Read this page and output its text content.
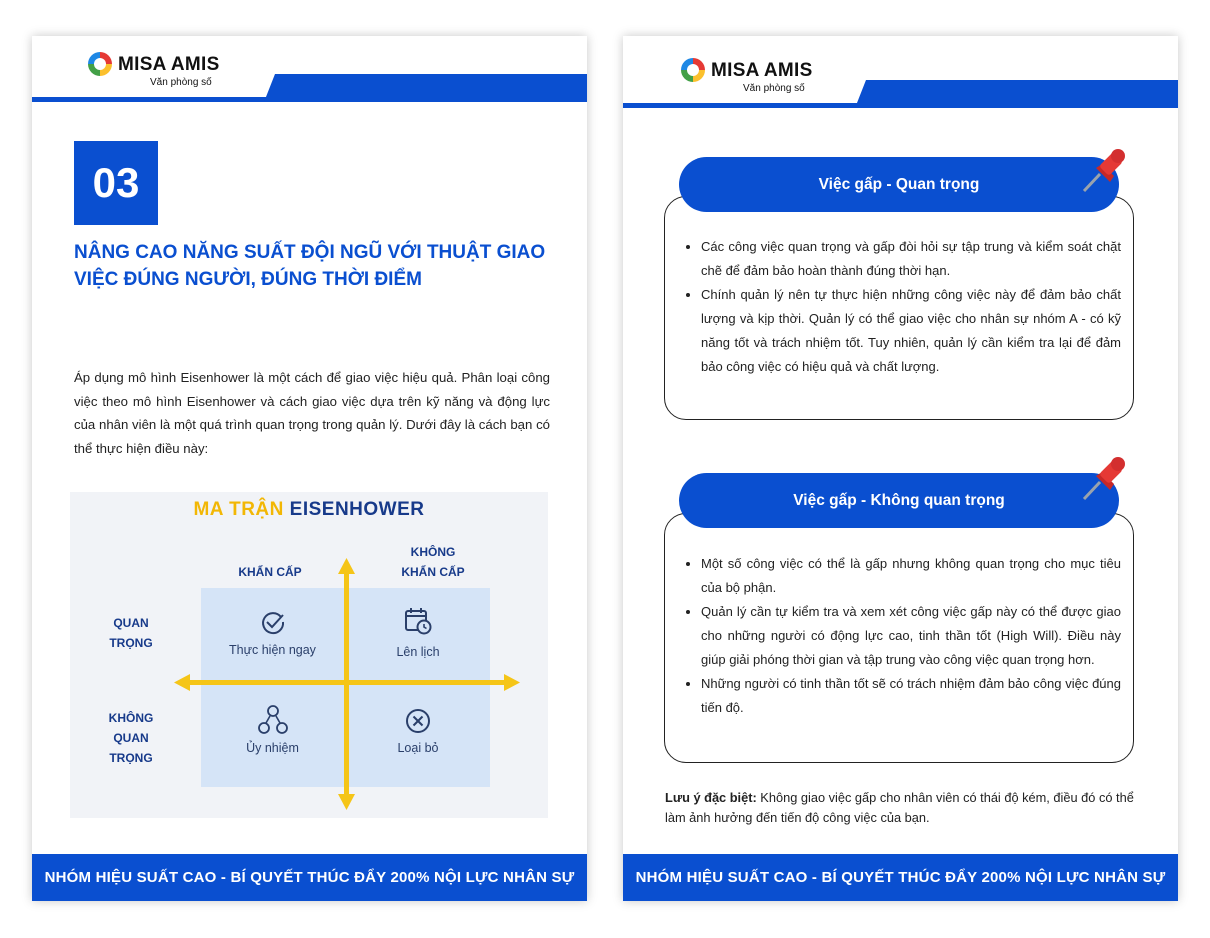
MISA AMIS
Văn phòng số
03
NÂNG CAO NĂNG SUẤT ĐỘI NGŨ VỚI THUẬT GIAO VIỆC ĐÚNG NGƯỜI, ĐÚNG THỜI ĐIỂM
Áp dụng mô hình Eisenhower là một cách để giao việc hiệu quả. Phân loại công việc theo mô hình Eisenhower và cách giao việc dựa trên kỹ năng và động lực của nhân viên là một quá trình quan trọng trong quản lý. Dưới đây là cách bạn có thể thực hiện điều này:
MA TRẬN EISENHOWER
KHẨN CẤP
KHÔNG
KHẨN CẤP
QUAN
TRỌNG
KHÔNG
QUAN
TRỌNG
Thực hiện ngay	Lên lịch
Ủy nhiệm	Loại bỏ
NHÓM HIỆU SUẤT CAO - BÍ QUYẾT THÚC ĐẨY 200% NỘI LỰC NHÂN SỰ
MISA AMIS
Văn phòng số
• Các công việc quan trọng và gấp đòi hỏi sự tập trung và kiểm soát chặt chẽ để đảm bảo hoàn thành đúng thời hạn.
• Chính quản lý nên tự thực hiện những công việc này để đảm bảo chất lượng và kịp thời. Quản lý có thể giao việc cho nhân sự nhóm A - có kỹ năng tốt và trách nhiệm tốt. Tuy nhiên, quản lý cần kiểm tra lại để đảm bảo công việc có hiệu quả và chất lượng.
Việc gấp - Quan trọng
• Một số công việc có thể là gấp nhưng không quan trọng cho mục tiêu của bộ phận.
• Quản lý cần tự kiểm tra và xem xét công việc gấp này có thể được giao cho những người có động lực cao, tinh thần tốt (High Will). Điều này giúp giải phóng thời gian và tập trung vào công việc quan trọng hơn.
• Những người có tinh thần tốt sẽ có trách nhiệm đảm bảo công việc đúng tiến độ.
Việc gấp - Không quan trọng
Lưu ý đặc biệt: Không giao việc gấp cho nhân viên có thái độ kém, điều đó có thể làm ảnh hưởng đến tiến độ công việc của bạn.
NHÓM HIỆU SUẤT CAO - BÍ QUYẾT THÚC ĐẨY 200% NỘI LỰC NHÂN SỰ
